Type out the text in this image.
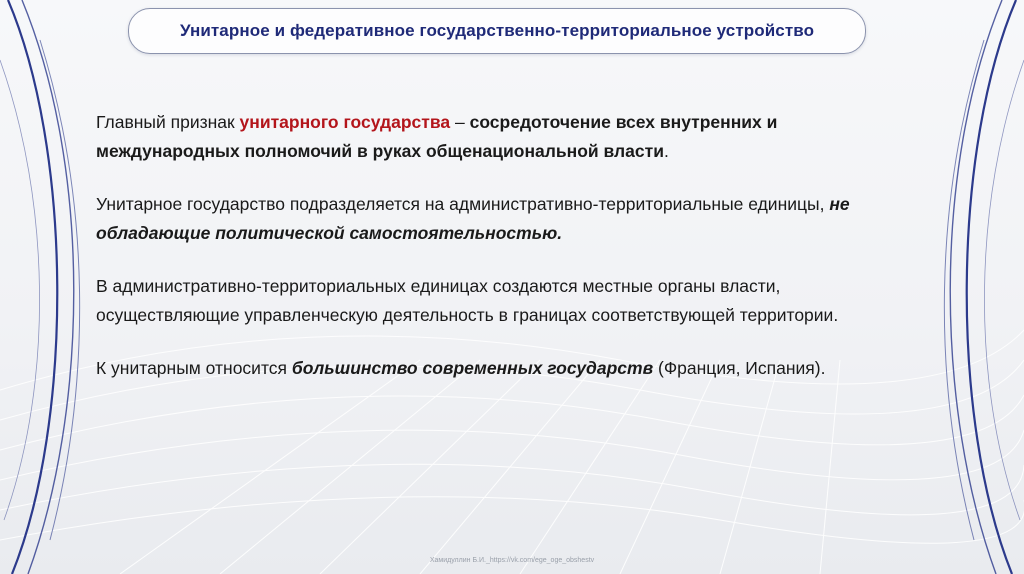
Унитарное и федеративное государственно-территориальное устройство

Главный признак унитарного государства – сосредоточение всех внутренних и международных полномочий в руках общенациональной власти.

Унитарное государство подразделяется на административно-территориальные единицы, не обладающие политической самостоятельностью.

В административно-территориальных единицах создаются местные органы власти, осуществляющие управленческую деятельность в границах соответствующей территории.

К унитарным относится большинство современных государств (Франция, Испания).

Хамидуллин Б.И._https://vk.com/ege_oge_obshestv
